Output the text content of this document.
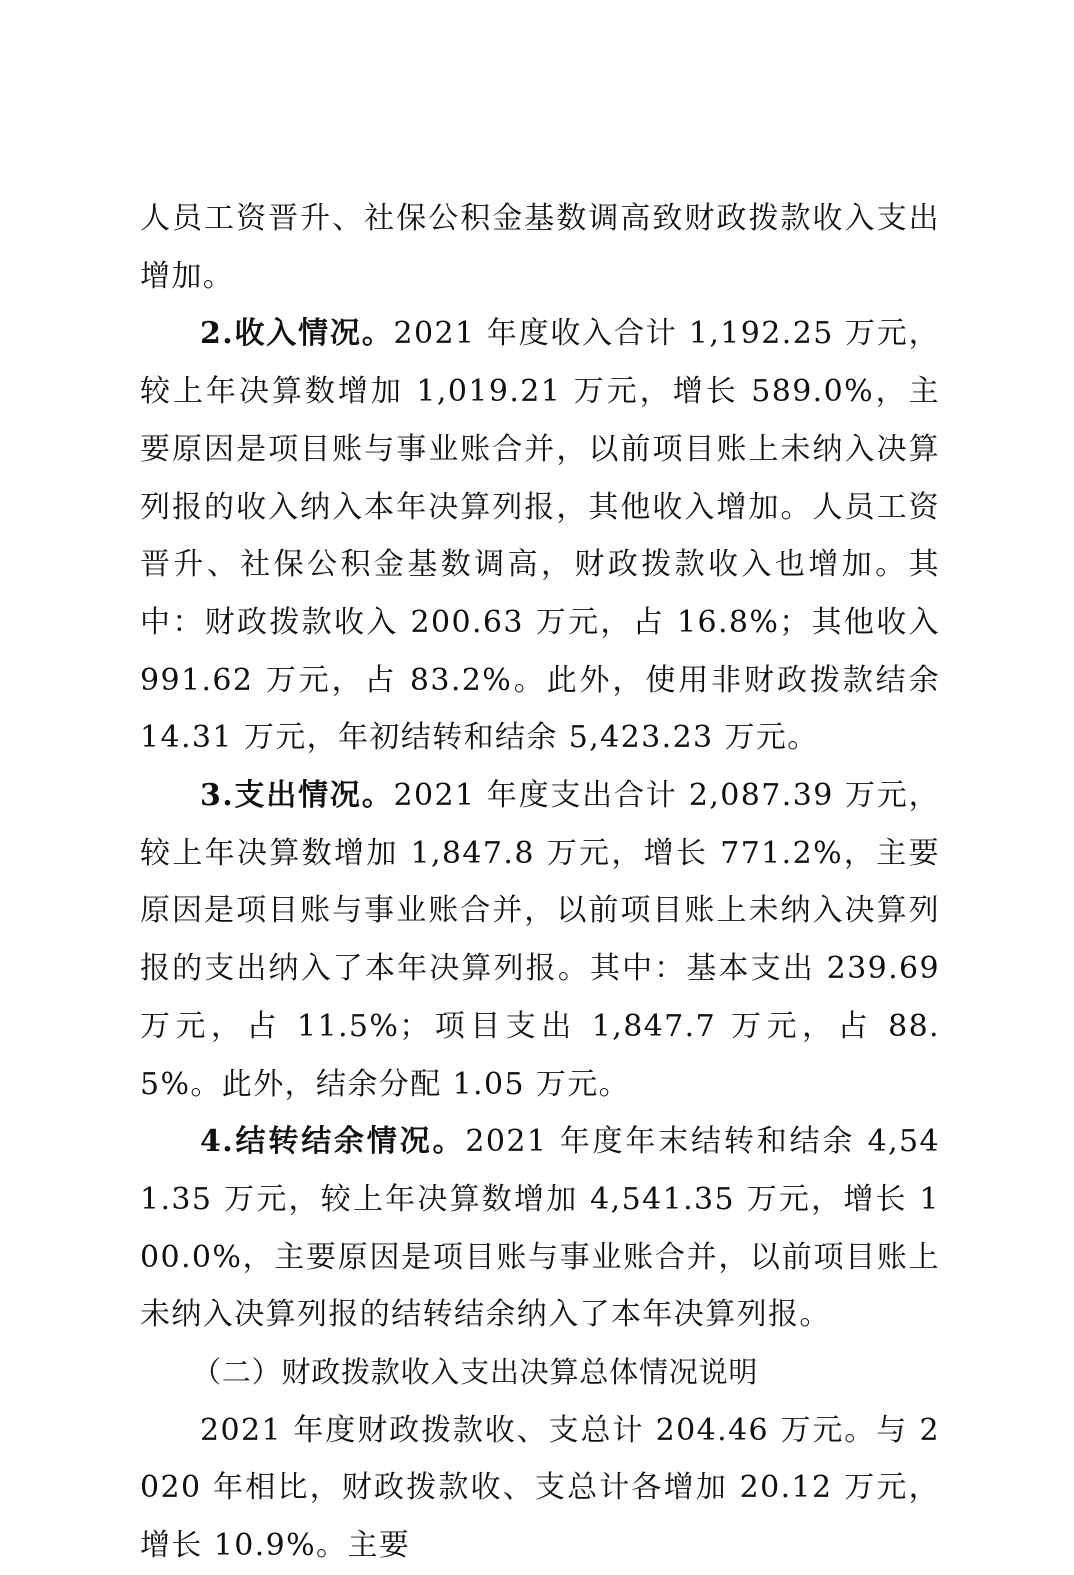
人员工资晋升、社保公积金基数调高致财政拨款收入支出增加。

2.收入情况。2021 年度收入合计 1,192.25 万元，较上年决算数增加 1,019.21 万元，增长 589.0%，主要原因是项目账与事业账合并，以前项目账上未纳入决算列报的收入纳入本年决算列报，其他收入增加。人员工资晋升、社保公积金基数调高，财政拨款收入也增加。其中：财政拨款收入 200.63 万元，占 16.8%；其他收入 991.62 万元，占 83.2%。此外，使用非财政拨款结余 14.31 万元，年初结转和结余 5,423.23 万元。

3.支出情况。2021 年度支出合计 2,087.39 万元，较上年决算数增加 1,847.8 万元，增长 771.2%，主要原因是项目账与事业账合并，以前项目账上未纳入决算列报的支出纳入了本年决算列报。其中：基本支出 239.69 万元，占 11.5%；项目支出 1,847.7 万元，占 88.5%。此外，结余分配 1.05 万元。

4.结转结余情况。2021 年度年末结转和结余 4,541.35 万元，较上年决算数增加 4,541.35 万元，增长 100.0%，主要原因是项目账与事业账合并，以前项目账上未纳入决算列报的结转结余纳入了本年决算列报。

（二）财政拨款收入支出决算总体情况说明

2021 年度财政拨款收、支总计 204.46 万元。与 2020 年相比，财政拨款收、支总计各增加 20.12 万元，增长 10.9%。主要
